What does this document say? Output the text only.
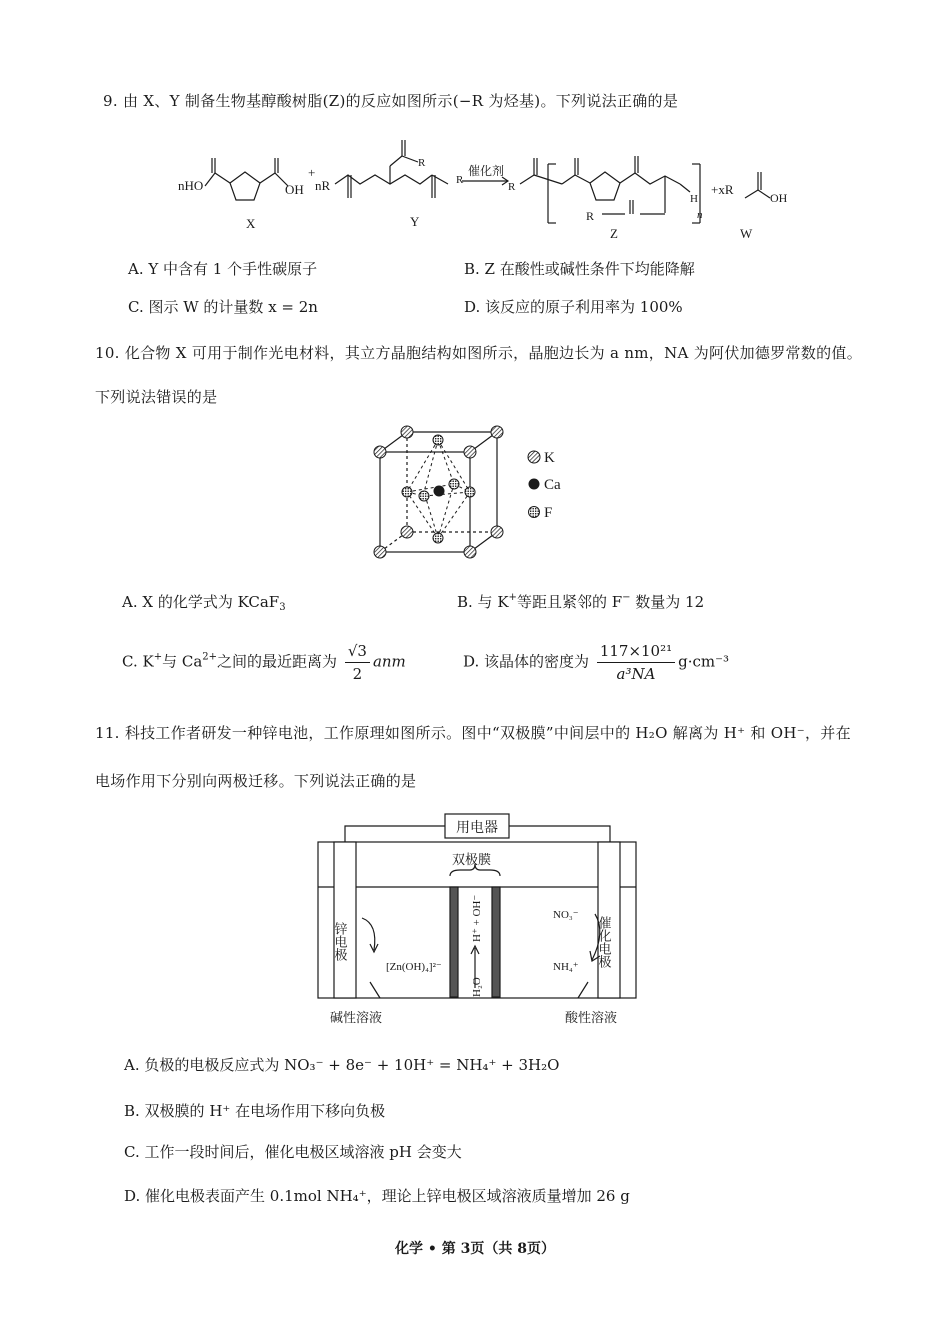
9. 由 X、Y 制备生物基醇酸树脂(Z)的反应如图所示(−R 为烃基)。下列说法正确的是
nHO	OH
+
nR
R
R
催化剂
R
R
H
n
+xR
OH
X	Y
Z	W
A. Y 中含有 1 个手性碳原子	B. Z 在酸性或碱性条件下均能降解
C. 图示 W 的计量数 x = 2n	D. 该反应的原子利用率为 100%
10. 化合物 X 可用于制作光电材料，其立方晶胞结构如图所示，晶胞边长为 a nm，NA 为阿伏加德罗常数的值。
下列说法错误的是
K
Ca
F
A. X 的化学式为 KCaF$_3$	B. 与 K+等距且紧邻的 F− 数量为 12
C. K+与 $Ca^{2+}$之间的最近距离为 $\frac{√3}{2}$ anm	D. 该晶体的密度为 $\frac{\text{117×10²¹}}{\text{a³NA}} g\cdot cm^{-3}$
11. 科技工作者研发一种锌电池，工作原理如图所示。图中“双极膜”中间层中的 H₂O 解离为 H⁺ 和 OH⁻，并在
电场作用下分别向两极迁移。下列说法正确的是
用电器
双极膜
[Zn(OH)₄]²⁻
NO₃⁻
NH₄⁺
碱性溶液	酸性溶液
锌电极	催化电极
H⁺ + OH⁻
H₂O
A. 负极的电极反应式为 NO₃⁻ + 8e⁻ + 10H⁺ = NH₄⁺ + 3H₂O
B. 双极膜的 H⁺ 在电场作用下移向负极
C. 工作一段时间后，催化电极区域溶液 pH 会变大
D. 催化电极表面产生 0.1mol NH₄⁺，理论上锌电极区域溶液质量增加 26 g
化学 • 第 3页（共 8页）
